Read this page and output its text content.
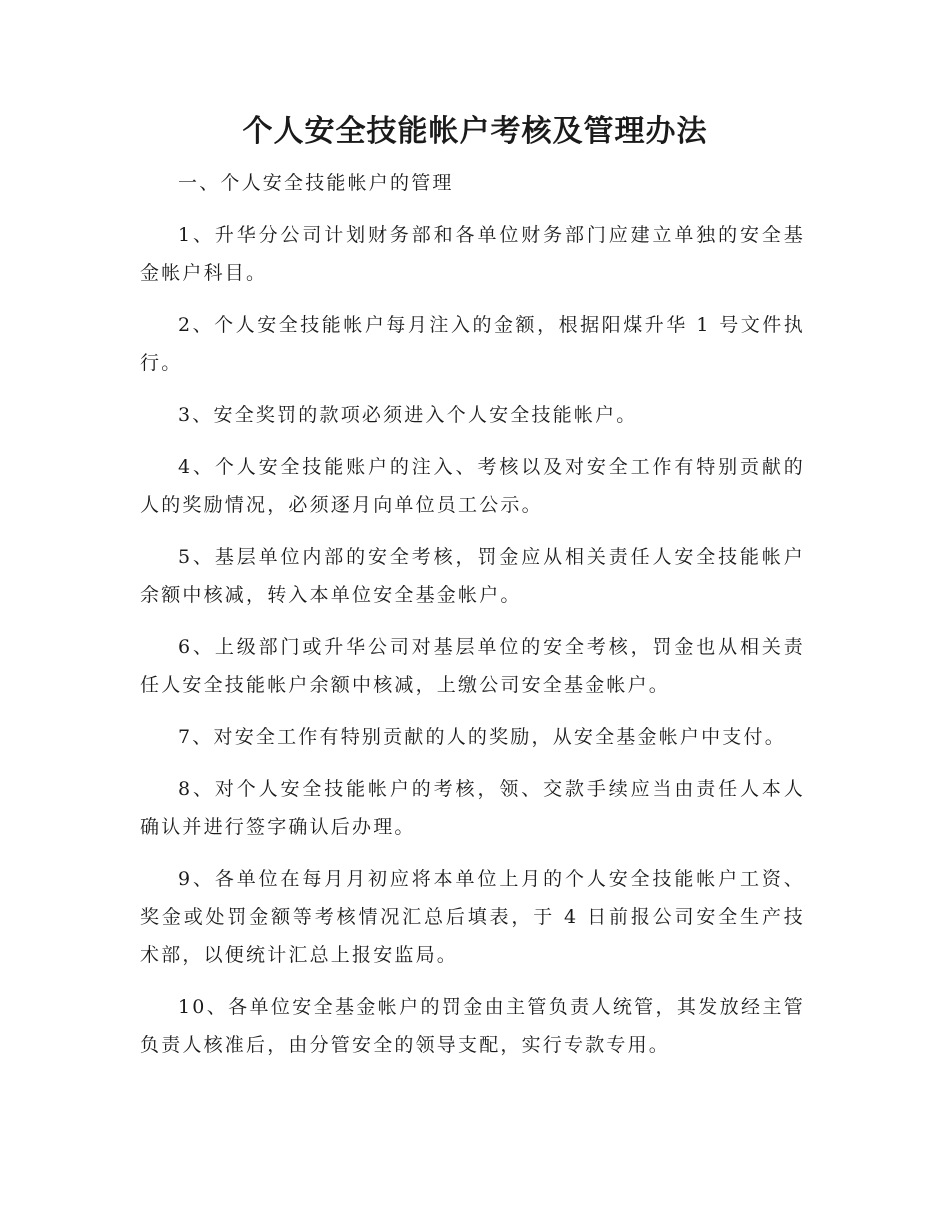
个人安全技能帐户考核及管理办法

一、个人安全技能帐户的管理

1、升华分公司计划财务部和各单位财务部门应建立单独的安全基金帐户科目。

2、个人安全技能帐户每月注入的金额，根据阳煤升华 1 号文件执行。

3、安全奖罚的款项必须进入个人安全技能帐户。

4、个人安全技能账户的注入、考核以及对安全工作有特别贡献的人的奖励情况，必须逐月向单位员工公示。

5、基层单位内部的安全考核，罚金应从相关责任人安全技能帐户余额中核减，转入本单位安全基金帐户。

6、上级部门或升华公司对基层单位的安全考核，罚金也从相关责任人安全技能帐户余额中核减，上缴公司安全基金帐户。

7、对安全工作有特别贡献的人的奖励，从安全基金帐户中支付。

8、对个人安全技能帐户的考核，领、交款手续应当由责任人本人确认并进行签字确认后办理。

9、各单位在每月月初应将本单位上月的个人安全技能帐户工资、奖金或处罚金额等考核情况汇总后填表，于 4 日前报公司安全生产技术部，以便统计汇总上报安监局。

10、各单位安全基金帐户的罚金由主管负责人统管，其发放经主管负责人核准后，由分管安全的领导支配，实行专款专用。
